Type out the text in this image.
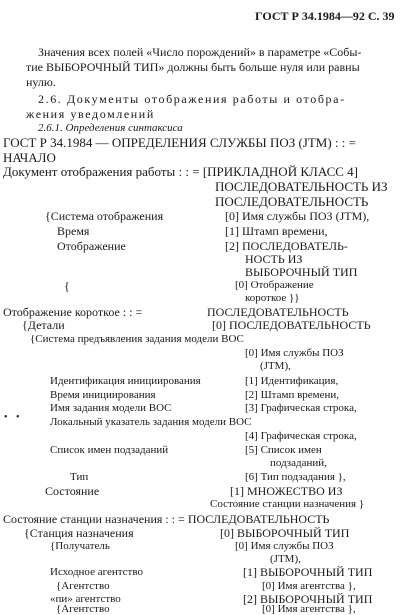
ГОСТ Р 34.1984—92 С. 39
Значения всех полей «Число порождений» в параметре «Собы-
тие ВЫБОРОЧНЫЙ ТИП» должны быть больше нуля или равны
нулю.
2.6. Документы отображения работы и отобра-
жения уведомлений
2.6.1. Определения синтаксиса
ГОСТ Р 34.1984 — ОПРЕДЕЛЕНИЯ СЛУЖБЫ ПОЗ (JTM) : : =
НАЧАЛО
Документ отображения работы : : = [ПРИКЛАДНОЙ КЛАСС 4]
ПОСЛЕДОВАТЕЛЬНОСТЬ ИЗ
ПОСЛЕДОВАТЕЛЬНОСТЬ
{Система отображения	[0] Имя службы ПОЗ (JTM),
Время	[1] Штамп времени,
Отображение	[2] ПОСЛЕДОВАТЕЛЬ-
НОСТЬ ИЗ
ВЫБОРОЧНЫЙ ТИП
{	[0] Отображение
короткое }}
Отображение короткое : : =	ПОСЛЕДОВАТЕЛЬНОСТЬ
{Детали	[0] ПОСЛЕДОВАТЕЛЬНОСТЬ
{Система предъявления задания модели ВОС
[0] Имя службы ПОЗ
(JTM),
Идентификация инициирования	[1] Идентификация,
Время инициирования	[2] Штамп времени,
Имя задания модели ВОС	[3] Графическая строка,
Локальный указатель задания модели ВОС
[4] Графическая строка,
• •
Список имен подзаданий	[5] Список имен
подзаданий,
Тип	[6] Тип подзадания },
Состояние	[1] МНОЖЕСТВО ИЗ
Состояние станции назначения }
Состояние станции назначения : : = ПОСЛЕДОВАТЕЛЬНОСТЬ
{Станция назначения	[0] ВЫБОРОЧНЫЙ ТИП
{Получатель	[0] Имя службы ПОЗ
(JTM),
Исходное агентство	[1] ВЫБОРОЧНЫЙ ТИП
{Агентство	[0] Имя агентства },
«пи» агентство	[2] ВЫБОРОЧНЫЙ ТИП
{Агентство	[0] Имя агентства },
